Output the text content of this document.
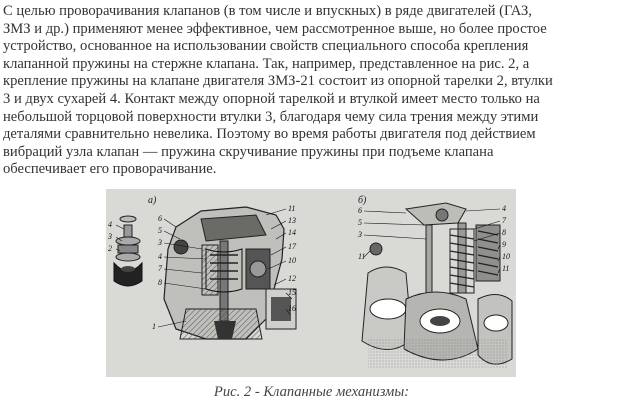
С целью проворачивания клапанов (в том числе и впускных) в ряде двигателей (ГАЗ,
ЗМЗ и др.) применяют менее эффективное, чем рассмотренное выше, но более простое
устройство, основанное на использовании свойств специального способа крепления
клапанной пружины на стержне клапана. Так, например, представленное на рис. 2, а
крепление пружины на клапане двигателя ЗМЗ-21 состоит из опорной тарелки 2, втулки
3 и двух сухарей 4. Контакт между опорной тарелкой и втулкой имеет место только на
небольшой торцовой поверхности втулки 3, благодаря чему сила трения между этими
деталями сравнительно невелика. Поэтому во время работы двигателя под действием
вибраций узла клапан — пружина скручивание пружины при подъеме клапана
обеспечивает его проворачивание.
а)
4
3
2
6
5
3
4
7
8
1
11
13
14
17
10
12
15
16
б)
6
5
3
11
4
7
8
9
10
11
Рис. 2 - Клапанные механизмы:
